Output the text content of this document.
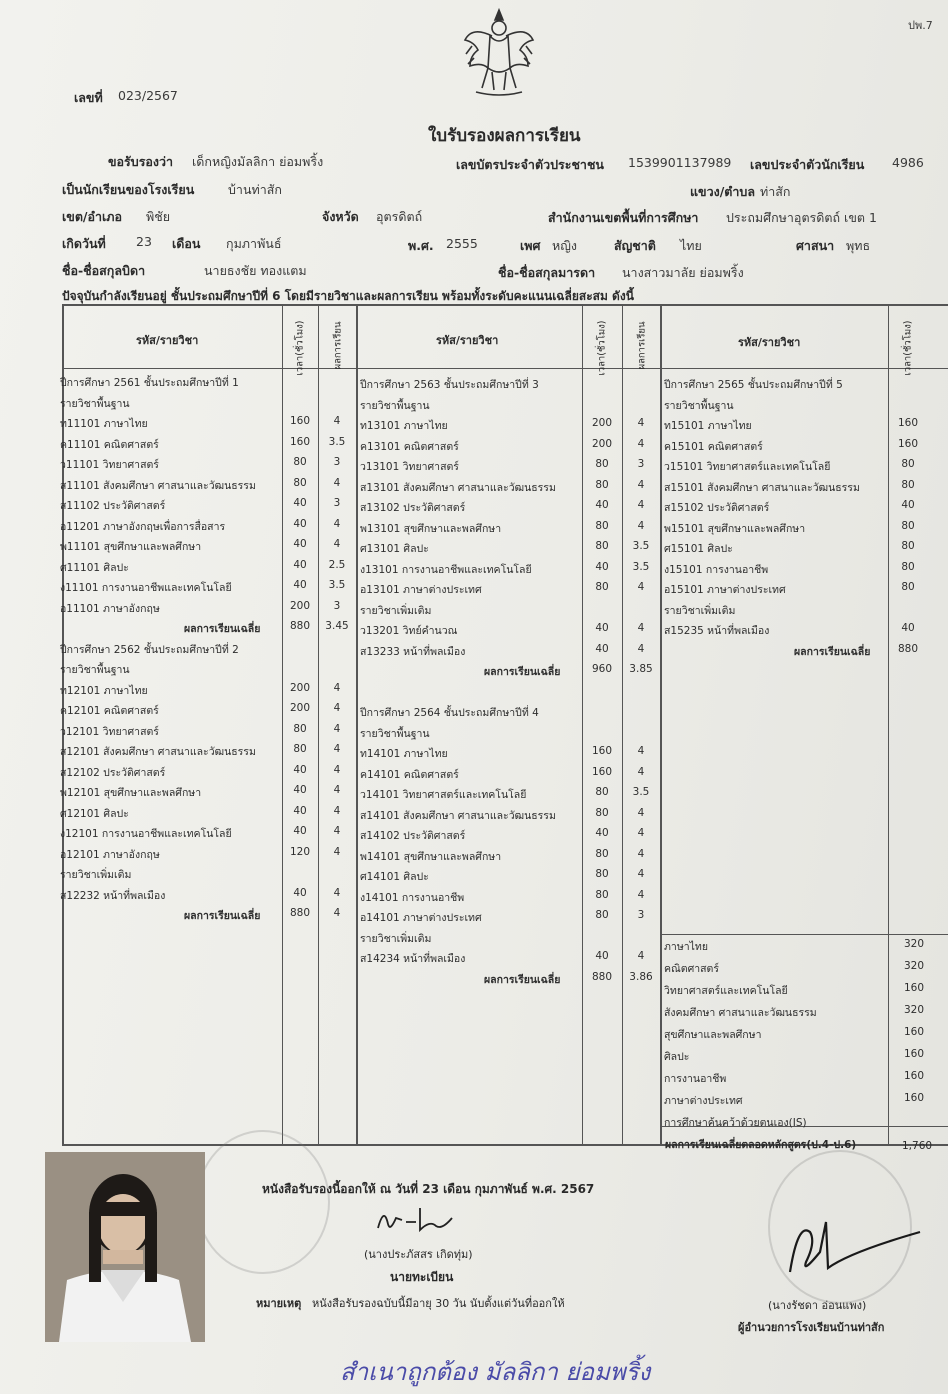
ปพ.7
เลขที่ 023/2567
ใบรับรองผลการเรียน
ขอรับรองว่า เด็กหญิงมัลลิกา ย่อมพริ้ง	เลขบัตรประจำตัวประชาชน 1539901137989 เลขประจำตัวนักเรียน 4986
เป็นนักเรียนของโรงเรียน	บ้านท่าสัก	แขวง/ตำบล ท่าสัก
เขต/อำเภอ พิชัย	จังหวัด อุตรดิตถ์	สำนักงานเขตพื้นที่การศึกษา ประถมศึกษาอุตรดิตถ์ เขต 1
เกิดวันที่ 23 เดือน กุมภาพันธ์	พ.ศ. 2555	เพศ หญิง	สัญชาติ ไทย	ศาสนา พุทธ
ชื่อ-ชื่อสกุลบิดา	นายธงชัย ทองแตม	ชื่อ-ชื่อสกุลมารดา นางสาวมาลัย ย่อมพริ้ง
ปัจจุบันกำลังเรียนอยู่ ชั้นประถมศึกษาปีที่ 6 โดยมีรายวิชาและผลการเรียน พร้อมทั้งระดับคะแนนเฉลี่ยสะสม ดังนี้
รหัส/รายวิชา	เวลา(ชั่วโมง)	ผลการเรียน	รหัส/รายวิชา	เวลา(ชั่วโมง)	ผลการเรียน	รหัส/รายวิชา	เวลา(ชั่วโมง)
ปีการศึกษา 2561 ชั้นประถมศึกษาปีที่ 1
รายวิชาพื้นฐาน
ท11101 ภาษาไทย	160	4
ค11101 คณิตศาสตร์	160	3.5
ว11101 วิทยาศาสตร์	80	3
ส11101 สังคมศึกษา ศาสนาและวัฒนธรรม	80	4
ส11102 ประวัติศาสตร์	40	3
อ11201 ภาษาอังกฤษเพื่อการสื่อสาร	40	4
พ11101 สุขศึกษาและพลศึกษา	40	4
ศ11101 ศิลปะ	40	2.5
ง11101 การงานอาชีพและเทคโนโลยี	40	3.5
อ11101 ภาษาอังกฤษ	200	3
ผลการเรียนเฉลี่ย	880	3.45
ปีการศึกษา 2562 ชั้นประถมศึกษาปีที่ 2
รายวิชาพื้นฐาน
ท12101 ภาษาไทย	200	4
ค12101 คณิตศาสตร์	200	4
ว12101 วิทยาศาสตร์	80	4
ส12101 สังคมศึกษา ศาสนาและวัฒนธรรม	80	4
ส12102 ประวัติศาสตร์	40	4
พ12101 สุขศึกษาและพลศึกษา	40	4
ศ12101 ศิลปะ	40	4
ง12101 การงานอาชีพและเทคโนโลยี	40	4
อ12101 ภาษาอังกฤษ	120	4
รายวิชาเพิ่มเติม
ส12232 หน้าที่พลเมือง	40	4
ผลการเรียนเฉลี่ย	880	4
ปีการศึกษา 2563 ชั้นประถมศึกษาปีที่ 3
รายวิชาพื้นฐาน
ท13101 ภาษาไทย	200	4
ค13101 คณิตศาสตร์	200	4
ว13101 วิทยาศาสตร์	80	3
ส13101 สังคมศึกษา ศาสนาและวัฒนธรรม	80	4
ส13102 ประวัติศาสตร์	40	4
พ13101 สุขศึกษาและพลศึกษา	80	4
ศ13101 ศิลปะ	80	3.5
ง13101 การงานอาชีพและเทคโนโลยี	40	3.5
อ13101 ภาษาต่างประเทศ	80	4
รายวิชาเพิ่มเติม
ว13201 วิทย์คำนวณ	40	4
ส13233 หน้าที่พลเมือง	40	4
ผลการเรียนเฉลี่ย	960	3.85
ปีการศึกษา 2564 ชั้นประถมศึกษาปีที่ 4
รายวิชาพื้นฐาน
ท14101 ภาษาไทย	160	4
ค14101 คณิตศาสตร์	160	4
ว14101 วิทยาศาสตร์และเทคโนโลยี	80	3.5
ส14101 สังคมศึกษา ศาสนาและวัฒนธรรม	80	4
ส14102 ประวัติศาสตร์	40	4
พ14101 สุขศึกษาและพลศึกษา	80	4
ศ14101 ศิลปะ	80	4
ง14101 การงานอาชีพ	80	4
อ14101 ภาษาต่างประเทศ	80	3
รายวิชาเพิ่มเติม
ส14234 หน้าที่พลเมือง	40	4
ผลการเรียนเฉลี่ย	880	3.86
ปีการศึกษา 2565 ชั้นประถมศึกษาปีที่ 5
รายวิชาพื้นฐาน
ท15101 ภาษาไทย	160
ค15101 คณิตศาสตร์	160
ว15101 วิทยาศาสตร์และเทคโนโลยี	80
ส15101 สังคมศึกษา ศาสนาและวัฒนธรรม	80
ส15102 ประวัติศาสตร์	40
พ15101 สุขศึกษาและพลศึกษา	80
ศ15101 ศิลปะ	80
ง15101 การงานอาชีพ	80
อ15101 ภาษาต่างประเทศ	80
รายวิชาเพิ่มเติม
ส15235 หน้าที่พลเมือง	40
ผลการเรียนเฉลี่ย	880
ภาษาไทย	320
คณิตศาสตร์	320
วิทยาศาสตร์และเทคโนโลยี	160
สังคมศึกษา ศาสนาและวัฒนธรรม	320
สุขศึกษาและพลศึกษา	160
ศิลปะ	160
การงานอาชีพ	160
ภาษาต่างประเทศ	160
การศึกษาค้นคว้าด้วยตนเอง(IS)
ผลการเรียนเฉลี่ยตลอดหลักสูตร(ป.4-ป.6)	1,760
หนังสือรับรองนี้ออกให้ ณ วันที่ 23 เดือน กุมภาพันธ์ พ.ศ. 2567
(นางประภัสสร เกิดทุ่ม)
นายทะเบียน
หมายเหตุ หนังสือรับรองฉบับนี้มีอายุ 30 วัน นับตั้งแต่วันที่ออกให้	(นางรัชดา อ่อนแพง)
ผู้อำนวยการโรงเรียนบ้านท่าสัก
สำเนาถูกต้อง มัลลิกา ย่อมพริ้ง
